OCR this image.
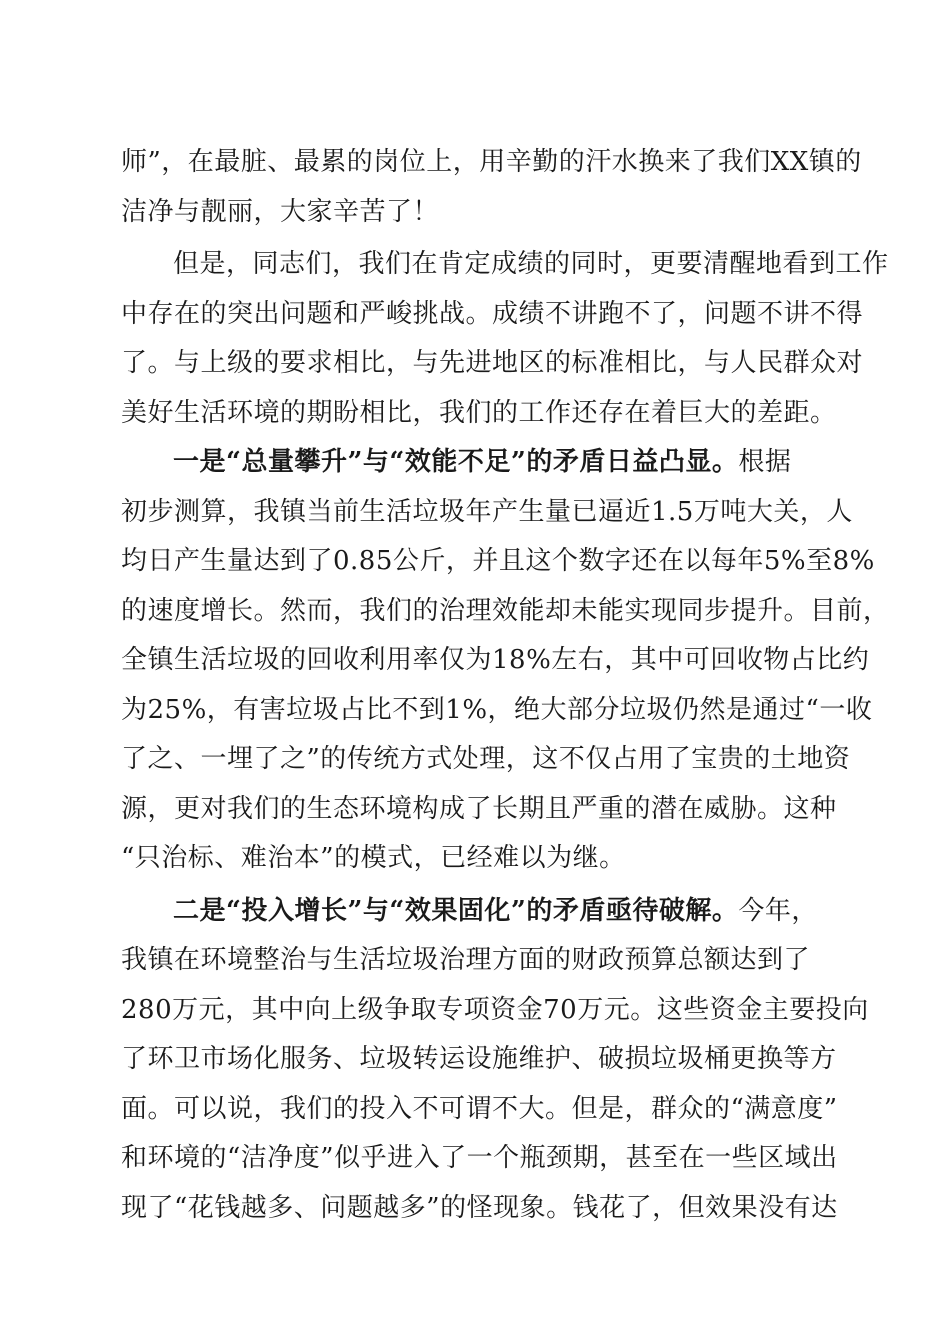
师”，在最脏、最累的岗位上，用辛勤的汗水换来了我们XX镇的
洁净与靓丽，大家辛苦了！
但是，同志们，我们在肯定成绩的同时，更要清醒地看到工作
中存在的突出问题和严峻挑战。成绩不讲跑不了，问题不讲不得
了。与上级的要求相比，与先进地区的标准相比，与人民群众对
美好生活环境的期盼相比，我们的工作还存在着巨大的差距。
一是“总量攀升”与“效能不足”的矛盾日益凸显。根据
初步测算，我镇当前生活垃圾年产生量已逼近1.5万吨大关，人
均日产生量达到了0.85公斤，并且这个数字还在以每年5%至8%
的速度增长。然而，我们的治理效能却未能实现同步提升。目前，
全镇生活垃圾的回收利用率仅为18%左右，其中可回收物占比约
为25%，有害垃圾占比不到1%，绝大部分垃圾仍然是通过“一收
了之、一埋了之”的传统方式处理，这不仅占用了宝贵的土地资
源，更对我们的生态环境构成了长期且严重的潜在威胁。这种
“只治标、难治本”的模式，已经难以为继。
二是“投入增长”与“效果固化”的矛盾亟待破解。今年，
我镇在环境整治与生活垃圾治理方面的财政预算总额达到了
280万元，其中向上级争取专项资金70万元。这些资金主要投向
了环卫市场化服务、垃圾转运设施维护、破损垃圾桶更换等方
面。可以说，我们的投入不可谓不大。但是，群众的“满意度”
和环境的“洁净度”似乎进入了一个瓶颈期，甚至在一些区域出
现了“花钱越多、问题越多”的怪现象。钱花了，但效果没有达
